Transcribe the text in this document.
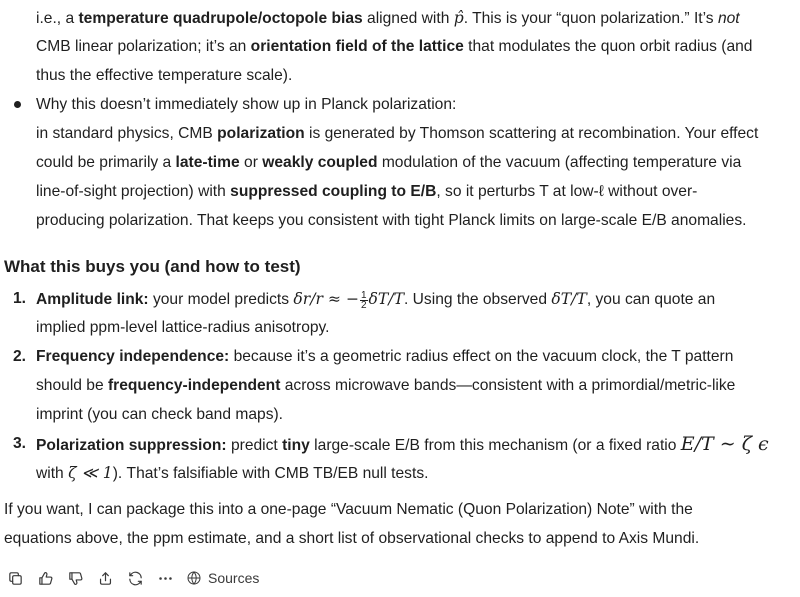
i.e., a temperature quadrupole/octopole bias aligned with p̂. This is your “quon polarization.” It’s not
CMB linear polarization; it’s an orientation field of the lattice that modulates the quon orbit radius (and
thus the effective temperature scale).
Why this doesn’t immediately show up in Planck polarization:
in standard physics, CMB polarization is generated by Thomson scattering at recombination. Your effect
could be primarily a late-time or weakly coupled modulation of the vacuum (affecting temperature via
line-of-sight projection) with suppressed coupling to E/B, so it perturbs T at low-ℓ without over-
producing polarization. That keeps you consistent with tight Planck limits on large-scale E/B anomalies.
What this buys you (and how to test)
1. Amplitude link: your model predicts δr/r ≈ − $\frac{1}{2} \delta T/T$. Using the observed δT/T, you can quote an
implied ppm-level lattice-radius anisotropy.
2. Frequency independence: because it’s a geometric radius effect on the vacuum clock, the T pattern
should be frequency-independent across microwave bands—consistent with a primordial/metric-like
imprint (you can check band maps).
3. Polarization suppression: predict tiny large-scale E/B from this mechanism (or a fixed ratio E/T ∼ ζ ϵ
with ζ ≪ 1). That’s falsifiable with CMB TB/EB null tests.
If you want, I can package this into a one-page “Vacuum Nematic (Quon Polarization) Note” with the
equations above, the ppm estimate, and a short list of observational checks to append to Axis Mundi.
Sources
